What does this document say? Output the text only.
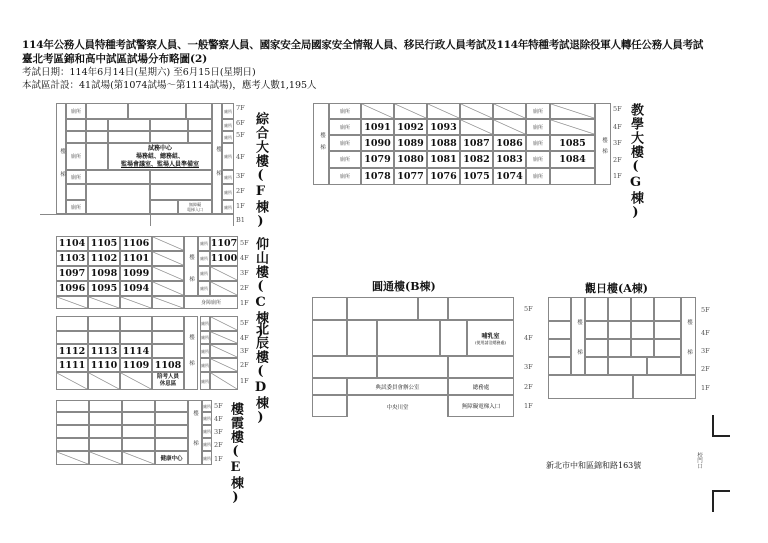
114年公務人員特種考試警察人員、一般警察人員、國家安全局國家安全情報人員、移民行政人員考試及114年特種考試退除役軍人轉任公務人員考試
臺北考區錦和高中試區試場分布略圖(2)
考試日期：114年6月14日(星期六) 至6月15日(星期日)
本試區計設：41試場(第1074試場～第1114試場)，應考人數1,195人
樓
梯
廁所
廁所
廁所
廁所
試務中心
場務組、總務組、
監場會議室、監場人員準備室
無障礙
電梯入口
樓
梯
廁所
廁所
廁所
廁所
廁所
廁所
廁所
7F
6F
5F
4F
3F
2F
1F
B1 綜合大樓(F棟)
1104 1105 1106
1103 1102 1101
1097 1098 1099
1096 1095 1094
樓
梯
廁所
廁所
廁所
廁所
1107
1100
身障廁所
5F
4F
3F
2F
1F 仰山樓(C棟)
1112 1113 1114
1111 1110 1109 1108
陪考人員
休息區
樓
梯
廁所
廁所
廁所
廁所
廁所
5F
4F
3F
2F
1F 北辰樓(D棟)
健康中心
樓
梯
廁所
廁所
廁所
廁所
廁所
5F
4F
3F
2F
1F 樓霞樓(E棟)
樓
梯
廁所	廁所
廁所	1091 1092 1093	廁所
廁所	1090 1089 1088 1087 1086	廁所	1085
廁所	1079 1080 1081 1082 1083	廁所	1084
廁所	1078 1077 1076 1075 1074	廁所
樓
梯
5F
4F
3F
2F
1F 教學大樓(G棟)
圓通樓(B棟)
哺乳室
(使用請洽總務處)
典試委員會辦公室	總務處
中央川堂	無障礙電梯入口
5F
4F
3F
2F
1F
觀日樓(A棟)
樓
梯
樓
梯
5F
4F
3F
2F
1F
新北市中和區錦和路163號	校門口
